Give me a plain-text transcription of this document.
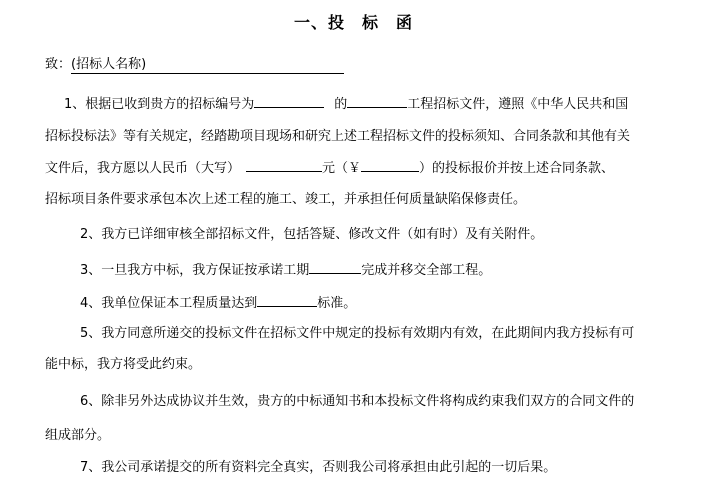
一、投　标　函
致：(招标人名称)
1、根据已收到贵方的招标编号为	的	工程招标文件，遵照《中华人民共和国
招标投标法》等有关规定，经踏勘项目现场和研究上述工程招标文件的投标须知、合同条款和其他有关
文件后，我方愿以人民币（大写）	元（￥	）的投标报价并按上述合同条款、
招标项目条件要求承包本次上述工程的施工、竣工，并承担任何质量缺陷保修责任。
2、我方已详细审核全部招标文件，包括答疑、修改文件（如有时）及有关附件。
3、一旦我方中标，我方保证按承诺工期	完成并移交全部工程。
4、我单位保证本工程质量达到	标准。
5、我方同意所递交的投标文件在招标文件中规定的投标有效期内有效，在此期间内我方投标有可
能中标，我方将受此约束。
6、除非另外达成协议并生效，贵方的中标通知书和本投标文件将构成约束我们双方的合同文件的
组成部分。
7、我公司承诺提交的所有资料完全真实，否则我公司将承担由此引起的一切后果。
